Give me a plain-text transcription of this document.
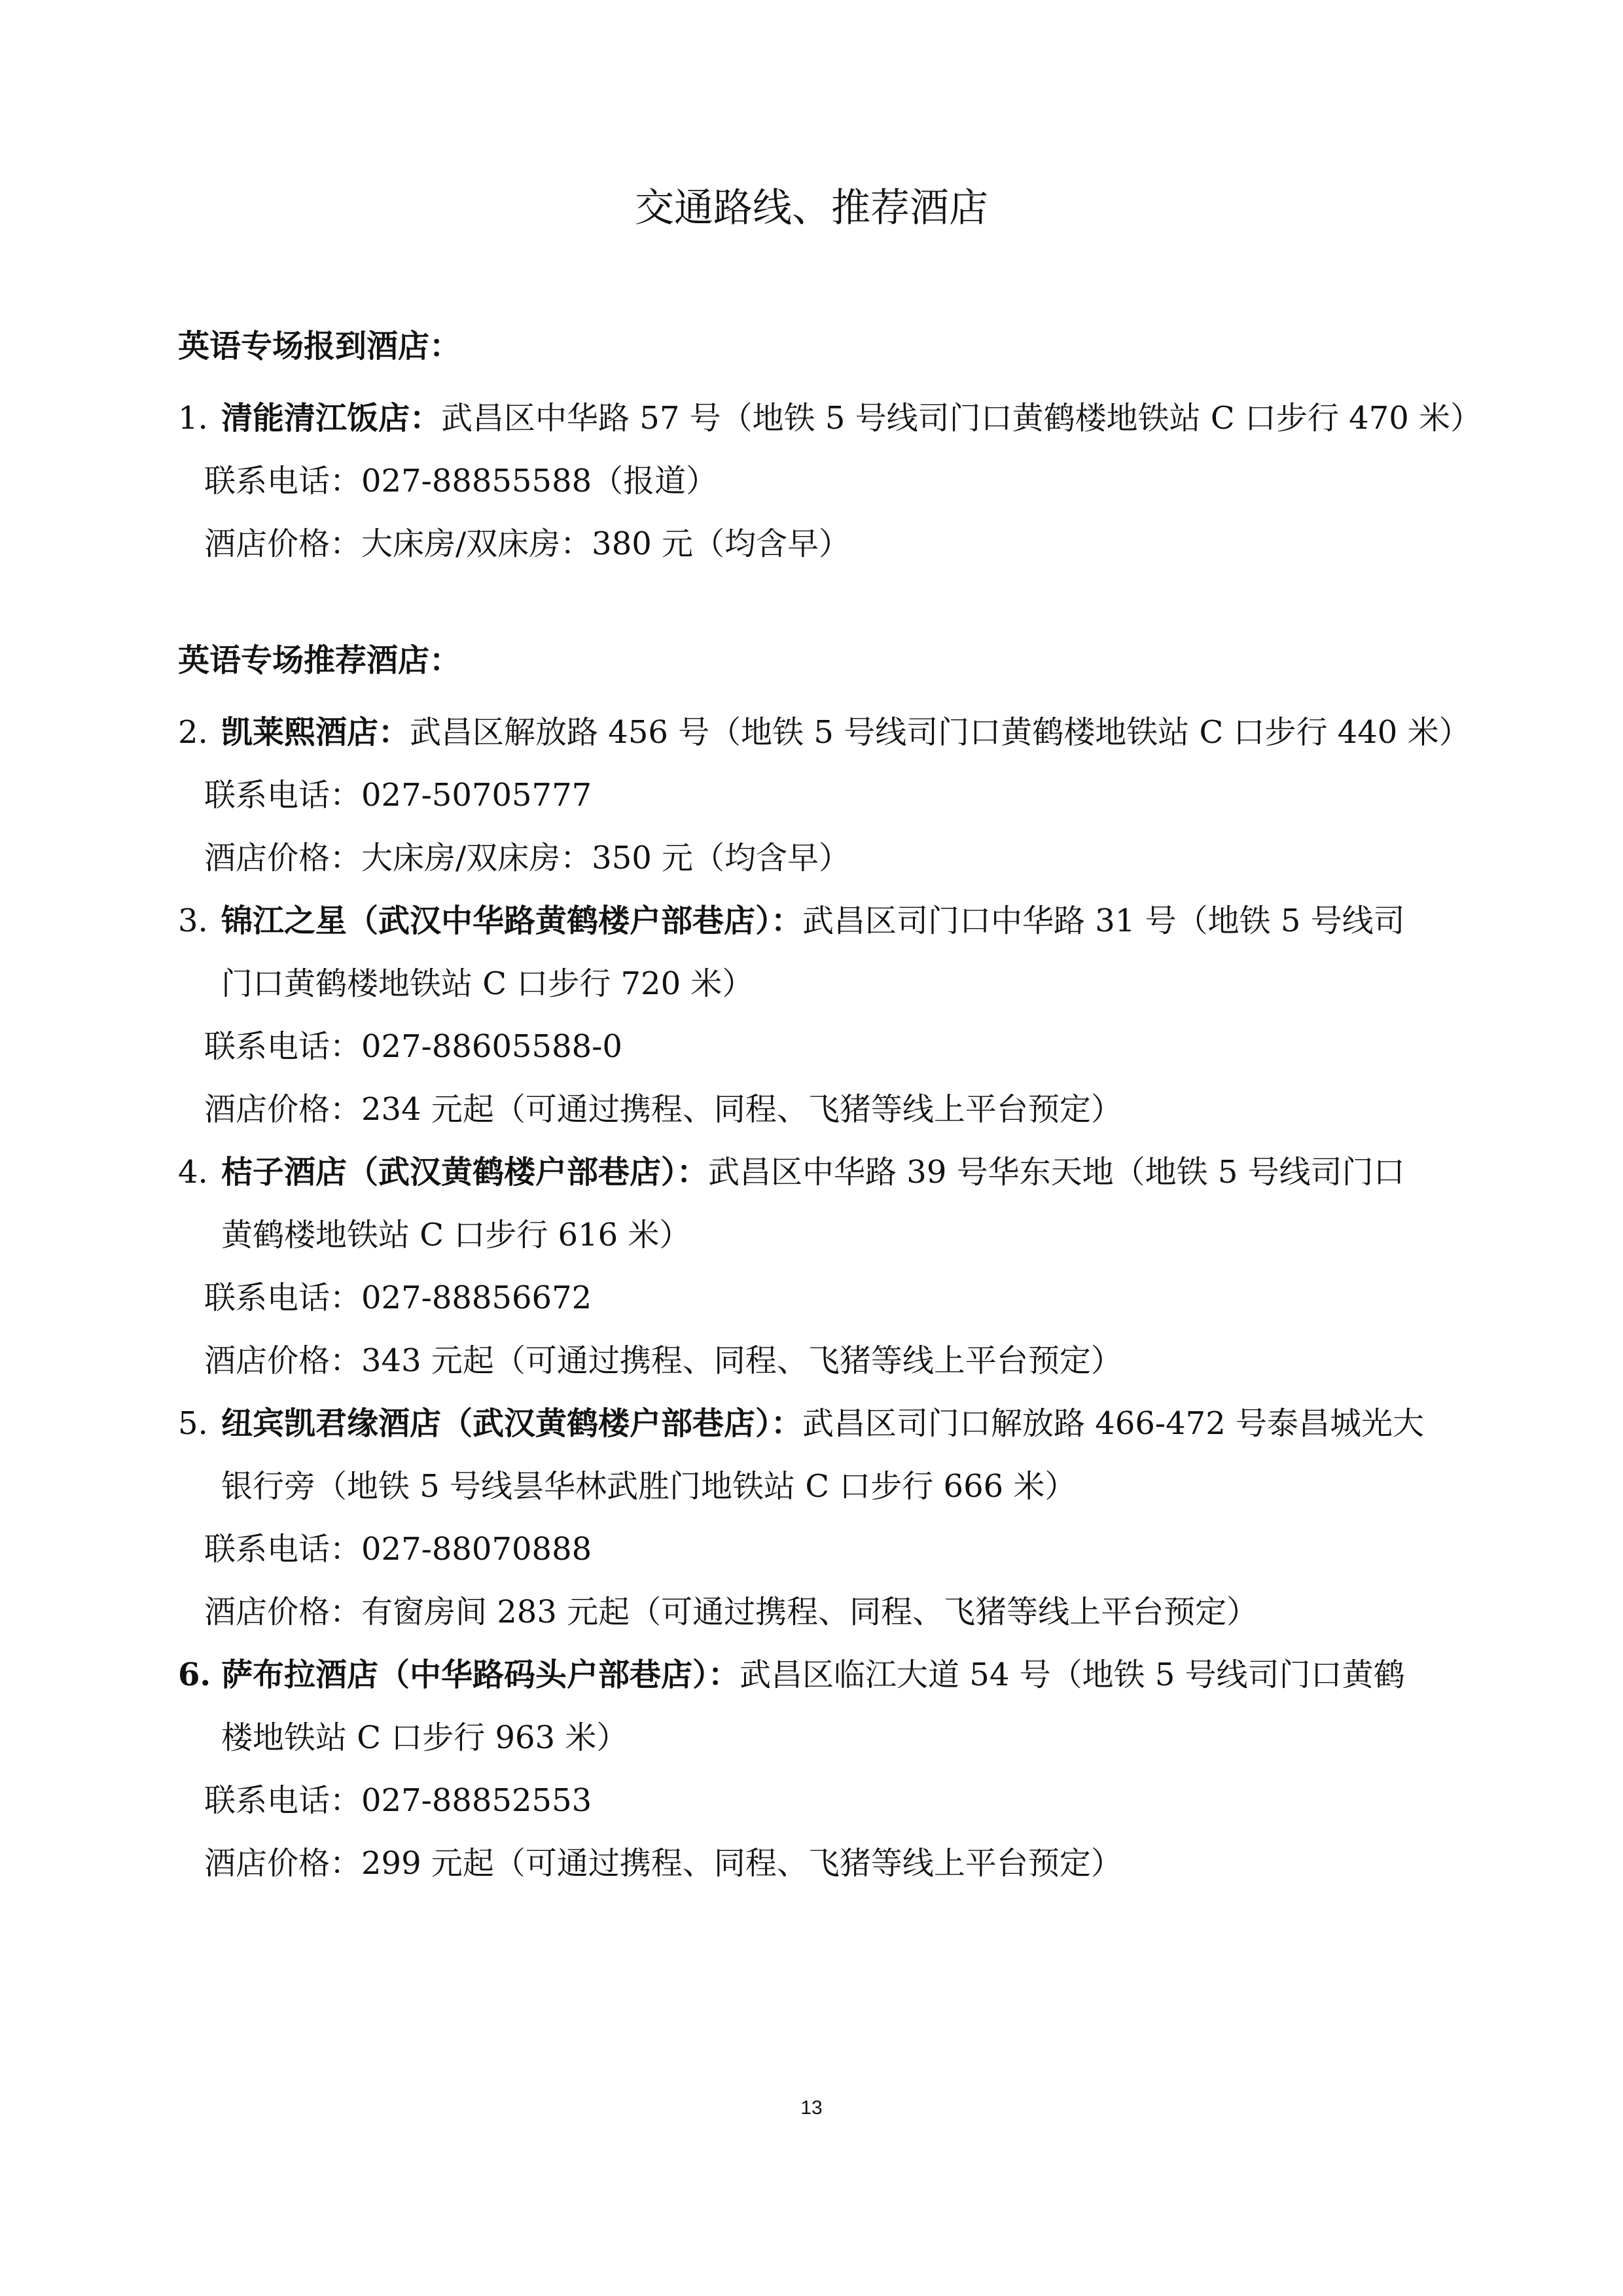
交通路线、推荐酒店
英语专场报到酒店：
1. 清能清江饭店：武昌区中华路 57 号（地铁 5 号线司门口黄鹤楼地铁站 C 口步行 470 米）
联系电话：027-88855588（报道）
酒店价格：大床房/双床房：380 元（均含早）
英语专场推荐酒店：
2. 凯莱熙酒店：武昌区解放路 456 号（地铁 5 号线司门口黄鹤楼地铁站 C 口步行 440 米）
联系电话：027-50705777
酒店价格：大床房/双床房：350 元（均含早）
3. 锦江之星（武汉中华路黄鹤楼户部巷店）：武昌区司门口中华路 31 号（地铁 5 号线司
门口黄鹤楼地铁站 C 口步行 720 米）
联系电话：027-88605588-0
酒店价格：234 元起（可通过携程、同程、飞猪等线上平台预定）
4. 桔子酒店（武汉黄鹤楼户部巷店）：武昌区中华路 39 号华东天地（地铁 5 号线司门口
黄鹤楼地铁站 C 口步行 616 米）
联系电话：027-88856672
酒店价格：343 元起（可通过携程、同程、飞猪等线上平台预定）
5. 纽宾凯君缘酒店（武汉黄鹤楼户部巷店）：武昌区司门口解放路 466-472 号泰昌城光大
银行旁（地铁 5 号线昙华林武胜门地铁站 C 口步行 666 米）
联系电话：027-88070888
酒店价格：有窗房间 283 元起（可通过携程、同程、飞猪等线上平台预定）
6. 萨布拉酒店（中华路码头户部巷店）：武昌区临江大道 54 号（地铁 5 号线司门口黄鹤
楼地铁站 C 口步行 963 米）
联系电话：027-88852553
酒店价格：299 元起（可通过携程、同程、飞猪等线上平台预定）
13
